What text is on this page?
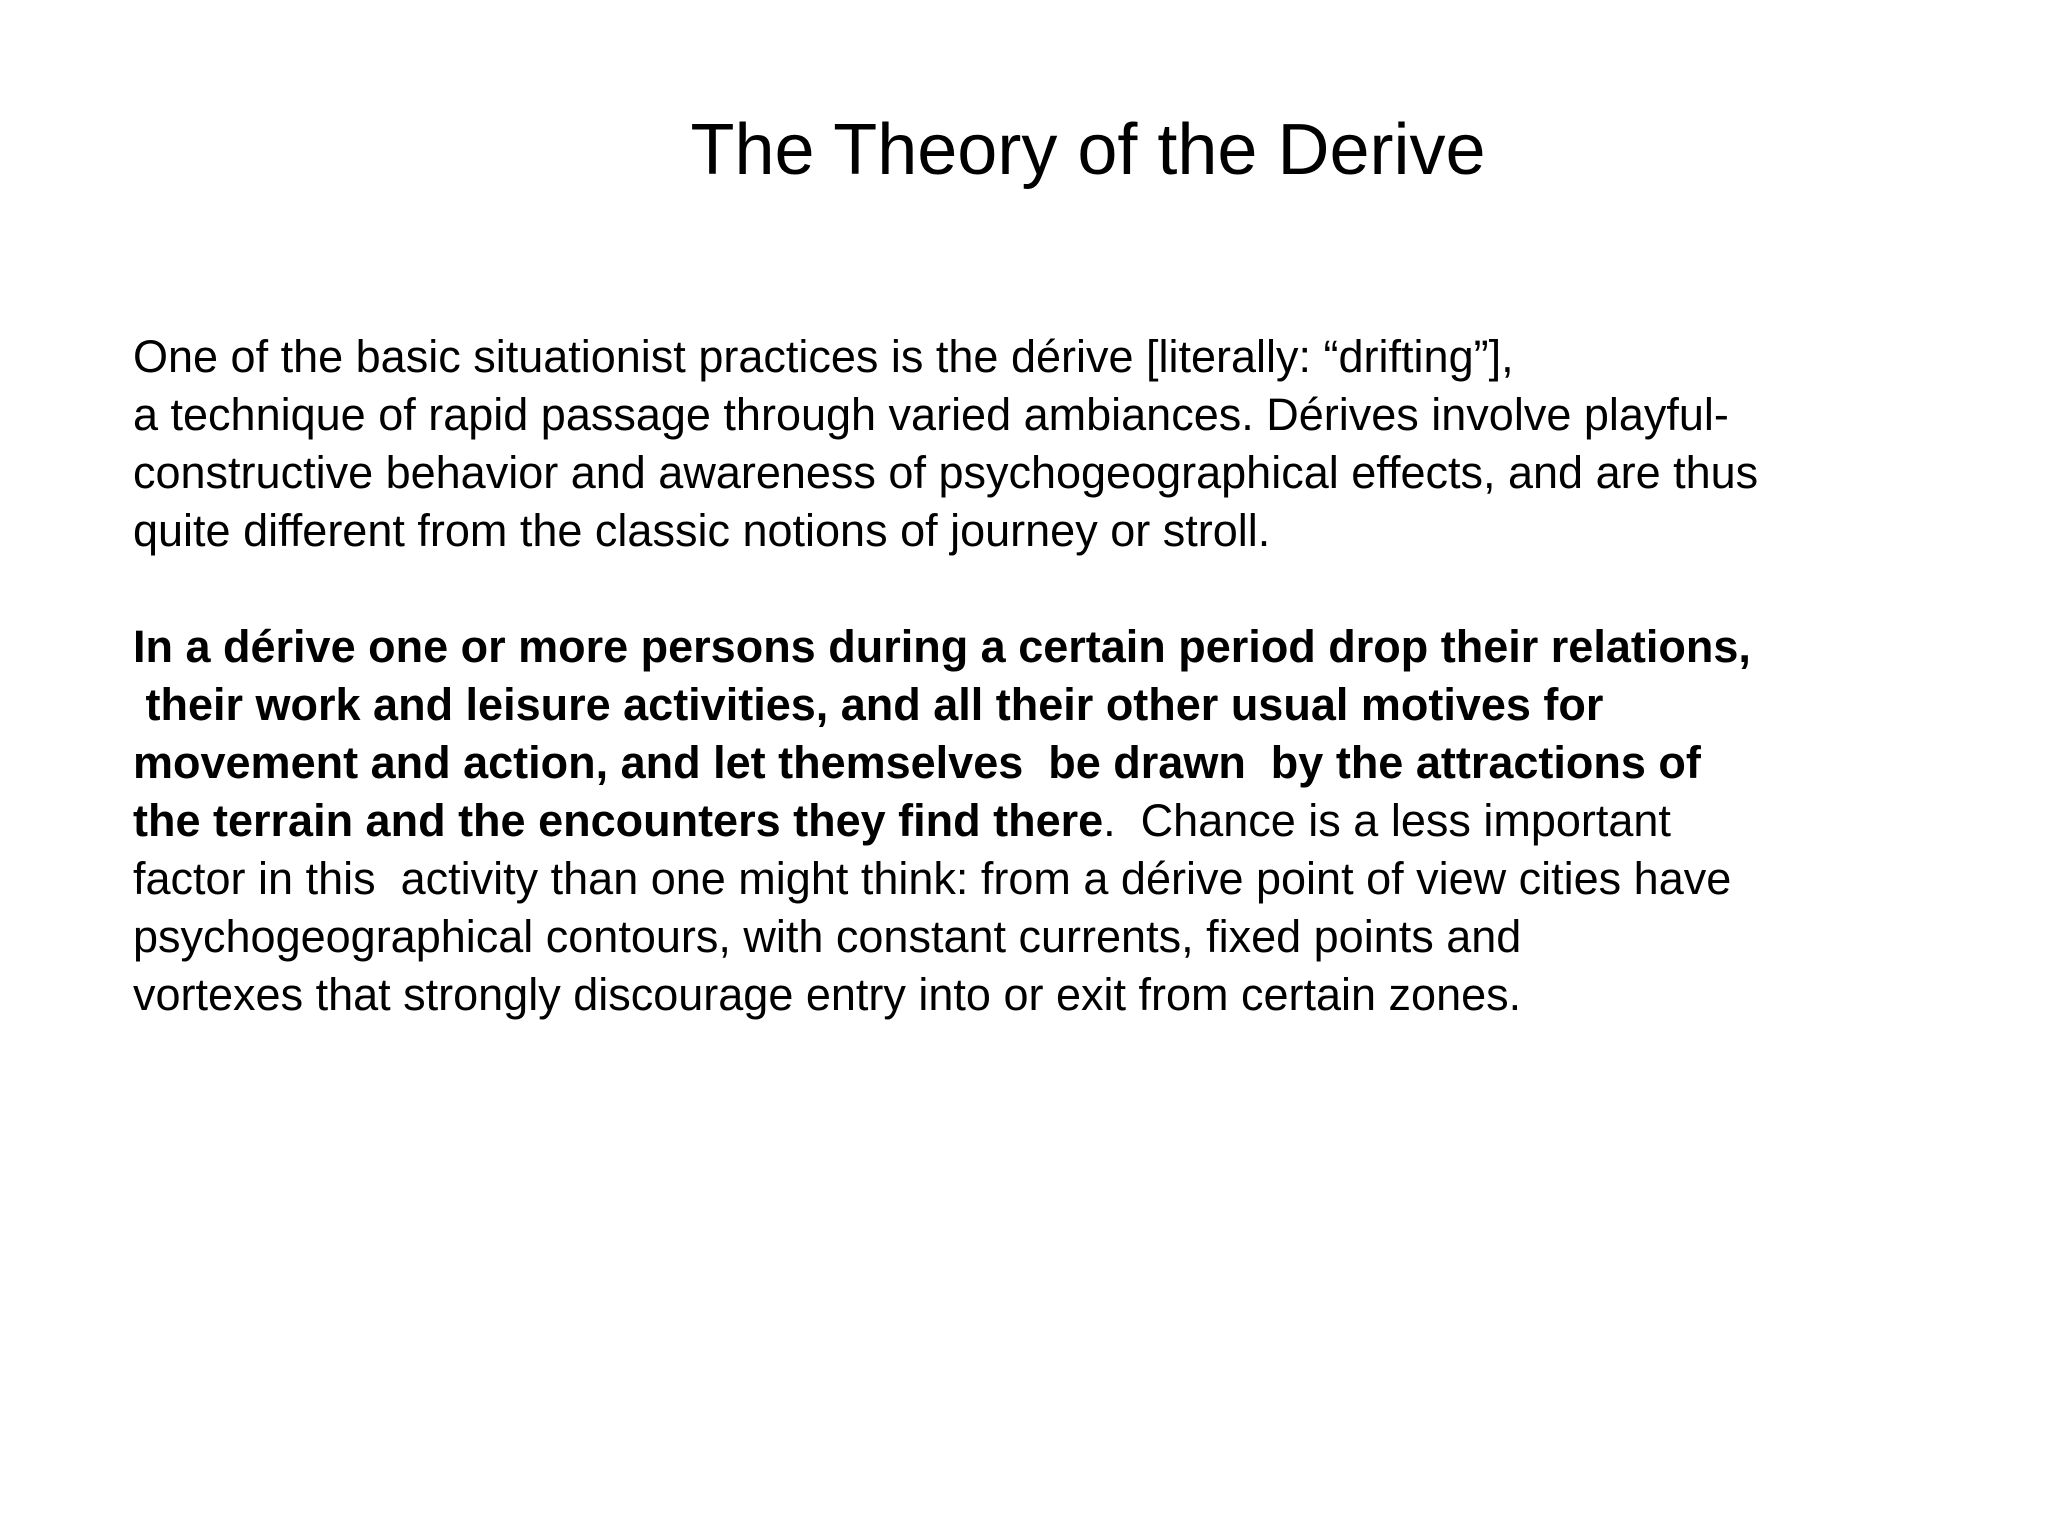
The Theory of the Derive

One of the basic situationist practices is the dérive [literally: “drifting”],
a technique of rapid passage through varied ambiances. Dérives involve playful-
constructive behavior and awareness of psychogeographical effects, and are thus
quite different from the classic notions of journey or stroll.

In a dérive one or more persons during a certain period drop their relations,
their work and leisure activities, and all their other usual motives for
movement and action, and let themselves  be drawn  by the attractions of
the terrain and the encounters they find there.  Chance is a less important
factor in this  activity than one might think: from a dérive point of view cities have
psychogeographical contours, with constant currents, fixed points and
vortexes that strongly discourage entry into or exit from certain zones.
